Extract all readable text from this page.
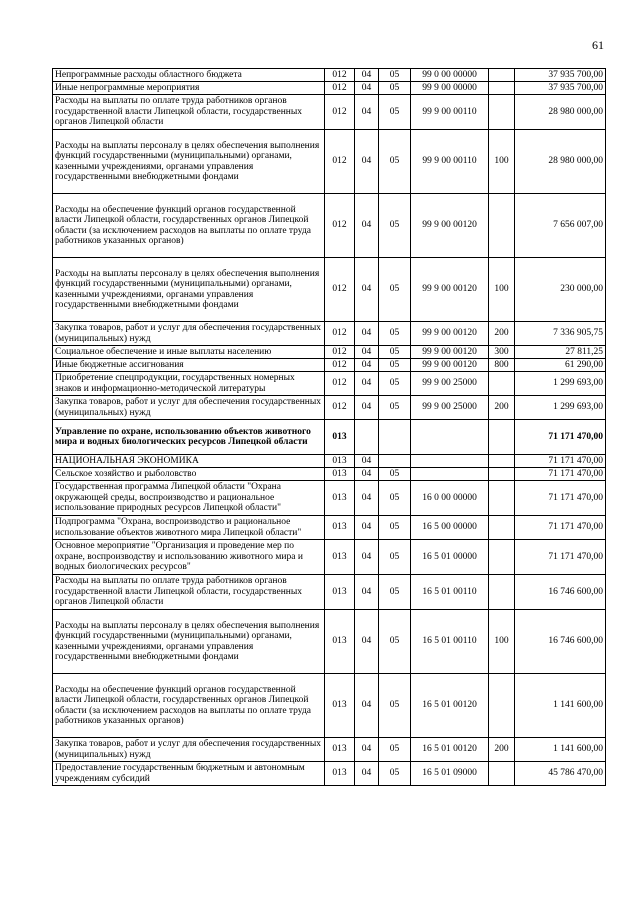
61
Непрограммные расходы областного бюджета	012	04	05	99 0 00 00000		37 935 700,00
Иные непрограммные мероприятия	012	04	05	99 9 00 00000		37 935 700,00
Расходы на выплаты по оплате труда работников органов государственной власти Липецкой области, государственных органов Липецкой области	012	04	05	99 9 00 00110		28 980 000,00
Расходы на выплаты персоналу в целях обеспечения выполнения функций государственными (муниципальными) органами, казенными учреждениями, органами управления государственными внебюджетными фондами	012	04	05	99 9 00 00110	100	28 980 000,00
Расходы на обеспечение функций органов государственной власти Липецкой области, государственных органов Липецкой области (за исключением расходов на выплаты по оплате труда работников указанных органов)	012	04	05	99 9 00 00120		7 656 007,00
Расходы на выплаты персоналу в целях обеспечения выполнения функций государственными (муниципальными) органами, казенными учреждениями, органами управления государственными внебюджетными фондами	012	04	05	99 9 00 00120	100	230 000,00
Закупка товаров, работ и услуг для обеспечения государственных (муниципальных) нужд	012	04	05	99 9 00 00120	200	7 336 905,75
Социальное обеспечение и иные выплаты населению	012	04	05	99 9 00 00120	300	27 811,25
Иные бюджетные ассигнования	012	04	05	99 9 00 00120	800	61 290,00
Приобретение спецпродукции, государственных номерных знаков и информационно-методической литературы	012	04	05	99 9 00 25000		1 299 693,00
Закупка товаров, работ и услуг для обеспечения государственных (муниципальных) нужд	012	04	05	99 9 00 25000	200	1 299 693,00
Управление по охране, использованию объектов животного мира и водных биологических ресурсов Липецкой области	013					71 171 470,00
НАЦИОНАЛЬНАЯ ЭКОНОМИКА	013	04				71 171 470,00
Сельское хозяйство и рыболовство	013	04	05			71 171 470,00
Государственная программа Липецкой области "Охрана окружающей среды, воспроизводство и рациональное использование природных ресурсов Липецкой области"	013	04	05	16 0 00 00000		71 171 470,00
Подпрограмма "Охрана, воспроизводство и рациональное использование объектов животного мира Липецкой области"	013	04	05	16 5 00 00000		71 171 470,00
Основное мероприятие "Организация и проведение мер по охране, воспроизводству и использованию животного мира и водных биологических ресурсов"	013	04	05	16 5 01 00000		71 171 470,00
Расходы на выплаты по оплате труда работников органов государственной власти Липецкой области, государственных органов Липецкой области	013	04	05	16 5 01 00110		16 746 600,00
Расходы на выплаты персоналу в целях обеспечения выполнения функций государственными (муниципальными) органами, казенными учреждениями, органами управления государственными внебюджетными фондами	013	04	05	16 5 01 00110	100	16 746 600,00
Расходы на обеспечение функций органов государственной власти Липецкой области, государственных органов Липецкой области (за исключением расходов на выплаты по оплате труда работников указанных органов)	013	04	05	16 5 01 00120		1 141 600,00
Закупка товаров, работ и услуг для обеспечения государственных (муниципальных) нужд	013	04	05	16 5 01 00120	200	1 141 600,00
Предоставление государственным бюджетным и автономным учреждениям субсидий	013	04	05	16 5 01 09000		45 786 470,00
